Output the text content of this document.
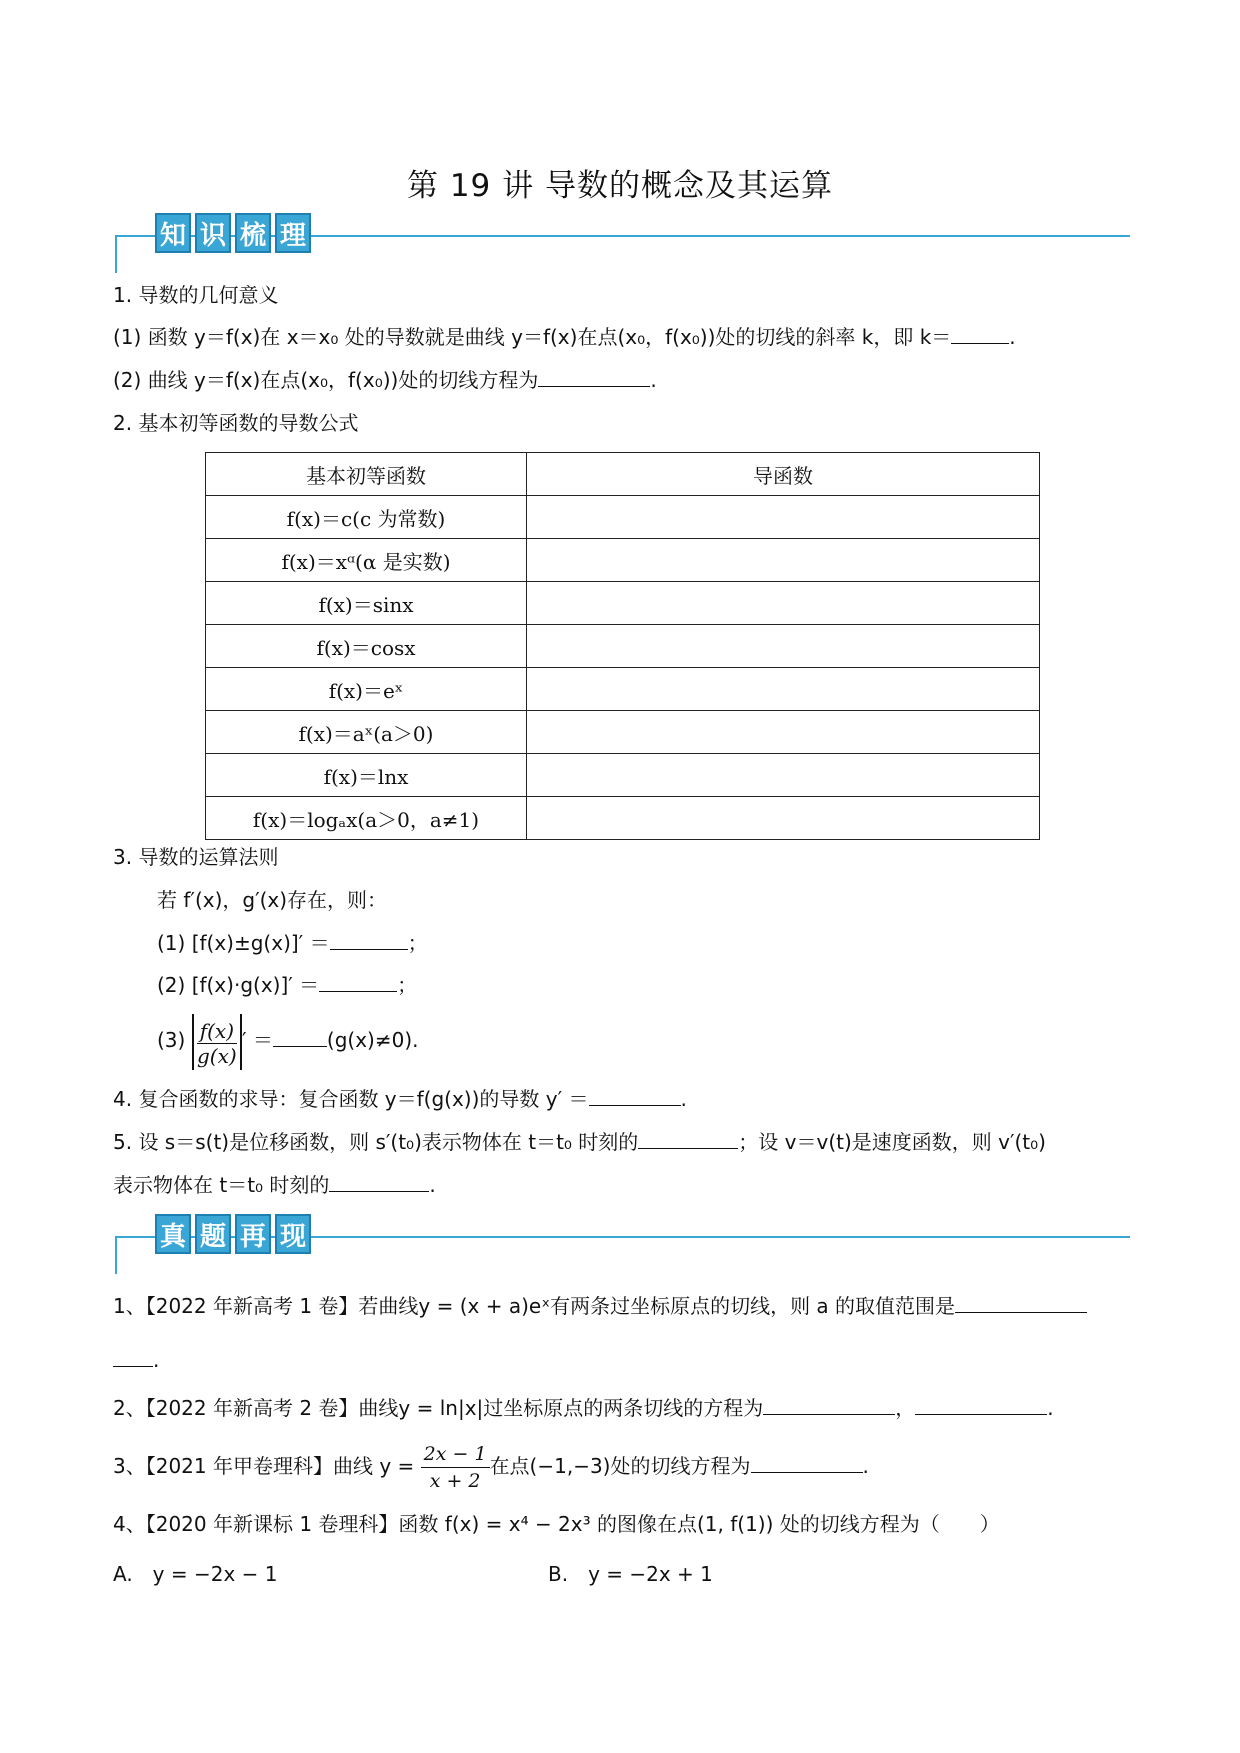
第 19 讲 导数的概念及其运算
知 识 梳 理
1. 导数的几何意义
(1) 函数 y＝f(x)在 x＝x₀ 处的导数就是曲线 y＝f(x)在点(x₀，f(x₀))处的切线的斜率 k，即 k＝	.
(2) 曲线 y＝f(x)在点(x₀，f(x₀))处的切线方程为	.
2. 基本初等函数的导数公式
基本初等函数	导函数
f(x)＝c(c 为常数)	
f(x)＝xᵅ(α 是实数)	
f(x)＝sinx	
f(x)＝cosx	
f(x)＝eˣ	
f(x)＝aˣ(a＞0)	
f(x)＝lnx	
f(x)＝logₐx(a＞0，a≠1)	
3. 导数的运算法则
若 f′(x)，g′(x)存在，则：
(1) [f(x)±g(x)]′ ＝	；
(2) [f(x)·g(x)]′ ＝	；
$(3) \frac{f(x)}{g(x)}$ ′ ＝	(g(x)≠0).
4. 复合函数的求导：复合函数 y＝f(g(x))的导数 y′ ＝	.
5. 设 s＝s(t)是位移函数，则 s′(t₀)表示物体在 t＝t₀ 时刻的	；设 v＝v(t)是速度函数，则 v′(t₀)
表示物体在 t＝t₀ 时刻的	.
真 题 再 现
1、【2022 年新高考 1 卷】若曲线y = (x + a)eˣ有两条过坐标原点的切线，则 a 的取值范围是
.
2、【2022 年新高考 2 卷】曲线y = ln|x|过坐标原点的两条切线的方程为	，	.
3、【2021 年甲卷理科】曲线 $y = \frac{2x - 1}{x + 2}$ 在点(−1,−3)处的切线方程为	.
4、【2020 年新课标 1 卷理科】函数 f(x) = x⁴ − 2x³ 的图像在点(1, f(1)) 处的切线方程为（　　）
A.　y = −2x − 1	B.　y = −2x + 1
